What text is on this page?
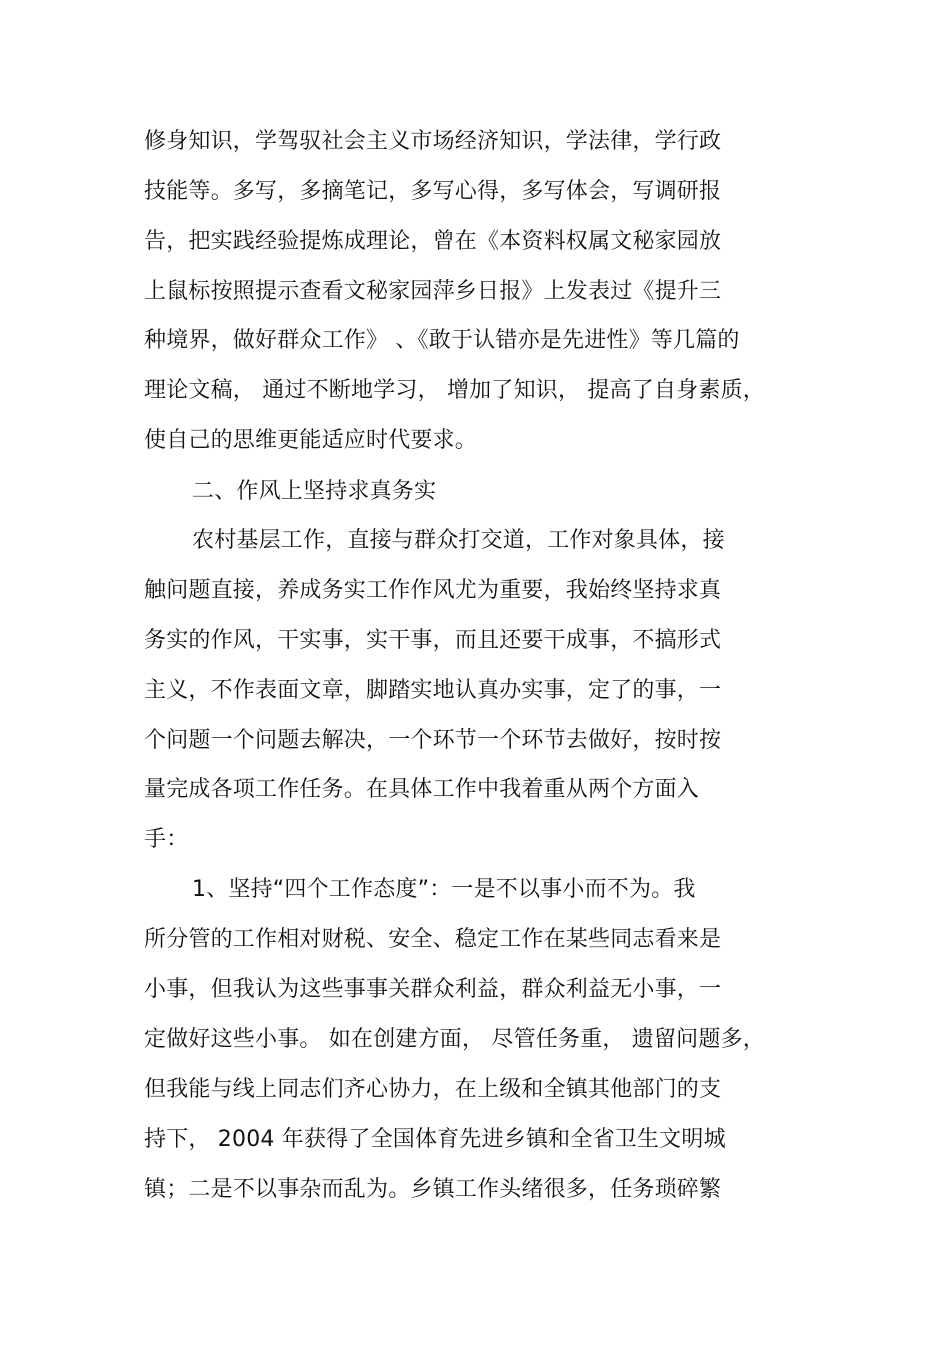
修身知识，学驾驭社会主义市场经济知识，学法律，学行政
技能等。多写，多摘笔记，多写心得，多写体会，写调研报
告，把实践经验提炼成理论，曾在《本资料权属文秘家园放
上鼠标按照提示查看文秘家园萍乡日报》上发表过《提升三
种境界，做好群众工作》 、《敢于认错亦是先进性》等几篇的
理论文稿， 通过不断地学习， 增加了知识， 提高了自身素质，
使自己的思维更能适应时代要求。
二、作风上坚持求真务实
农村基层工作，直接与群众打交道，工作对象具体，接
触问题直接，养成务实工作作风尤为重要，我始终坚持求真
务实的作风，干实事，实干事，而且还要干成事，不搞形式
主义，不作表面文章，脚踏实地认真办实事，定了的事，一
个问题一个问题去解决，一个环节一个环节去做好，按时按
量完成各项工作任务。在具体工作中我着重从两个方面入
手：
1、坚持“四个工作态度”：一是不以事小而不为。我
所分管的工作相对财税、安全、稳定工作在某些同志看来是
小事，但我认为这些事事关群众利益，群众利益无小事，一
定做好这些小事。 如在创建方面， 尽管任务重， 遗留问题多，
但我能与线上同志们齐心协力，在上级和全镇其他部门的支
持下， 2004 年获得了全国体育先进乡镇和全省卫生文明城
镇；二是不以事杂而乱为。乡镇工作头绪很多，任务琐碎繁
